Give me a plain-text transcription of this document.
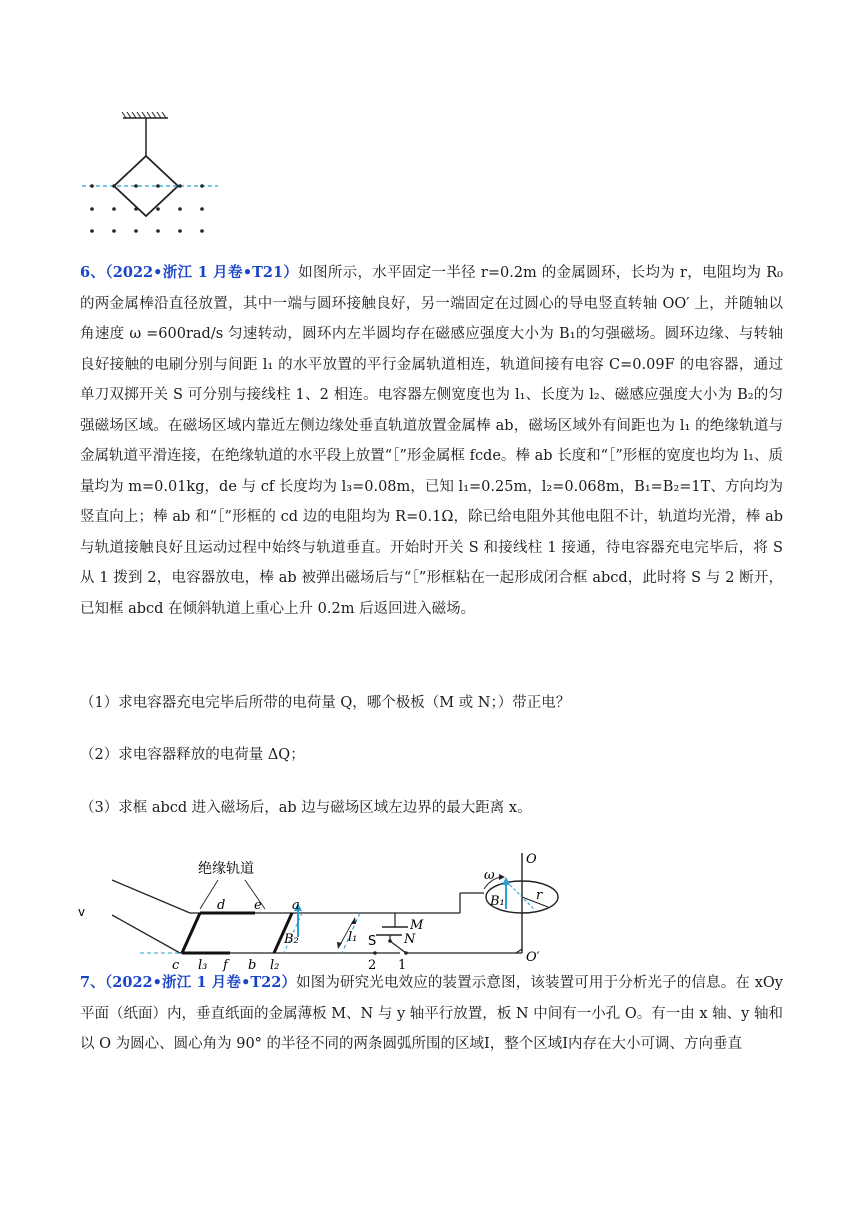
6、（2022•浙江 1 月卷•T21）如图所示，水平固定一半径 r=0.2m 的金属圆环，长均为 r，电阻均为 R₀的两金属棒沿直径放置，其中一端与圆环接触良好，另一端固定在过圆心的导电竖直转轴 OO′ 上，并随轴以角速度 ω =600rad/s 匀速转动，圆环内左半圆均存在磁感应强度大小为 B₁的匀强磁场。圆环边缘、与转轴良好接触的电刷分别与间距 l₁ 的水平放置的平行金属轨道相连，轨道间接有电容 C=0.09F 的电容器，通过单刀双掷开关 S 可分别与接线柱 1、2 相连。电容器左侧宽度也为 l₁、长度为 l₂、磁感应强度大小为 B₂的匀强磁场区域。在磁场区域内靠近左侧边缘处垂直轨道放置金属棒 ab，磁场区域外有间距也为 l₁ 的绝缘轨道与金属轨道平滑连接，在绝缘轨道的水平段上放置“［”形金属框 fcde。棒 ab 长度和“［”形框的宽度也均为 l₁、质量均为 m=0.01kg，de 与 cf 长度均为 l₃=0.08m，已知 l₁=0.25m，l₂=0.068m，B₁=B₂=1T、方向均为竖直向上；棒 ab 和“［”形框的 cd 边的电阻均为 R=0.1Ω，除已给电阻外其他电阻不计，轨道均光滑，棒 ab 与轨道接触良好且运动过程中始终与轨道垂直。开始时开关 S 和接线柱 1 接通，待电容器充电完毕后，将 S 从 1 拨到 2，电容器放电，棒 ab 被弹出磁场后与“［”形框粘在一起形成闭合框 abcd，此时将 S 与 2 断开，已知框 abcd 在倾斜轨道上重心上升 0.2m 后返回进入磁场。

（1）求电容器充电完毕后所带的电荷量 Q，哪个极板（M 或 N；）带正电？

（2）求电容器释放的电荷量 ΔQ；

（3）求框 abcd 进入磁场后，ab 边与磁场区域左边界的最大距离 x。

v
绝缘轨道
d e a
c l₃ f b l₂
B₂	l₁ S
M
N
2 1
O
O′
ω
B₁ r

7、（2022•浙江 1 月卷•T22）如图为研究光电效应的装置示意图，该装置可用于分析光子的信息。在 xOy 平面（纸面）内，垂直纸面的金属薄板 M、N 与 y 轴平行放置，板 N 中间有一小孔 O。有一由 x 轴、y 轴和以 O 为圆心、圆心角为 90° 的半径不同的两条圆弧所围的区域Ⅰ，整个区域Ⅰ内存在大小可调、方向垂直
